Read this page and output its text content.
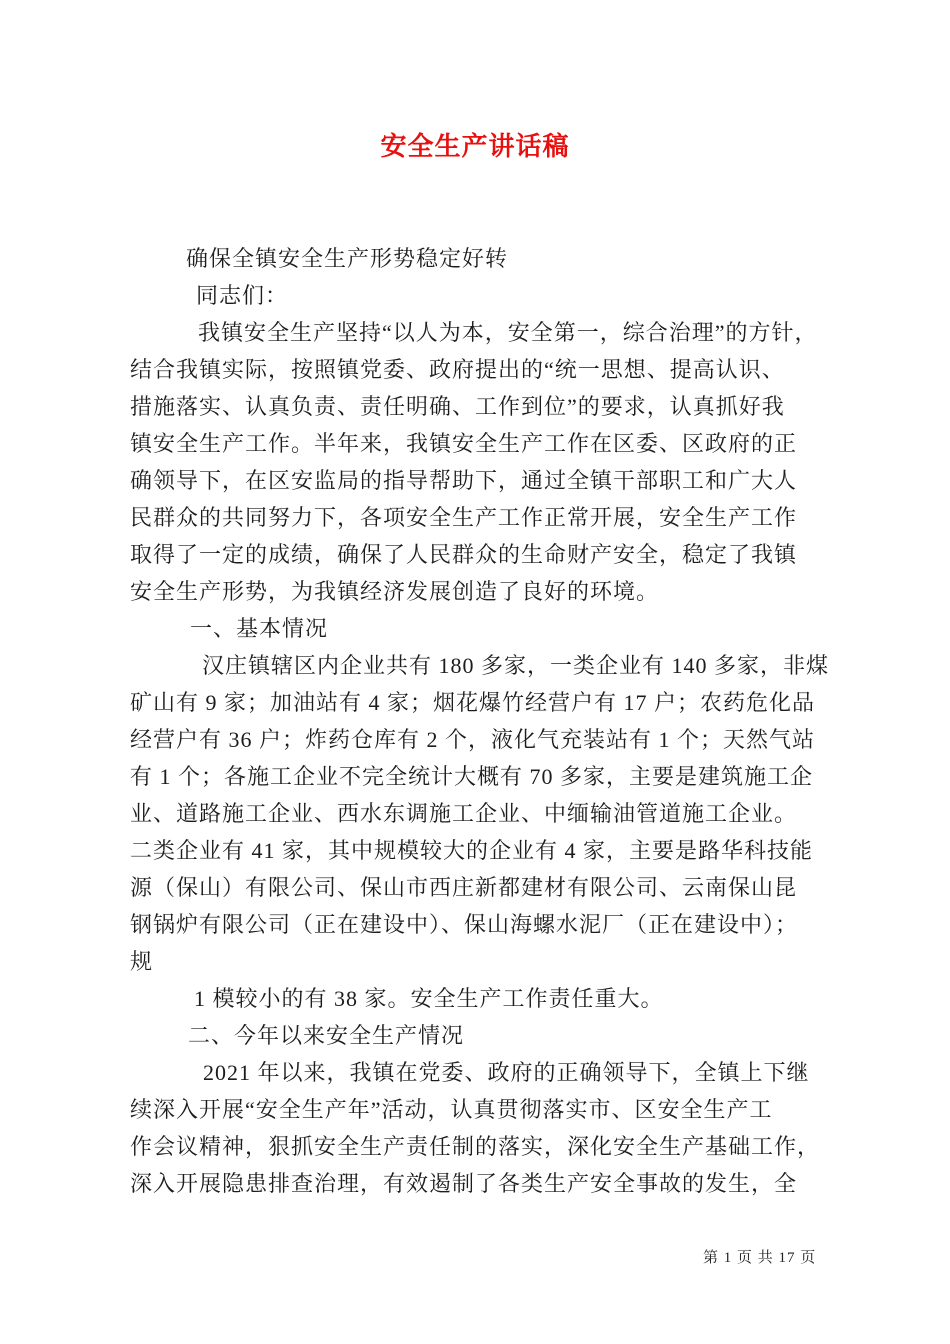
安全生产讲话稿
确保全镇安全生产形势稳定好转
同志们：
我镇安全生产坚持“以人为本，安全第一，综合治理”的方针，
结合我镇实际，按照镇党委、政府提出的“统一思想、提高认识、
措施落实、认真负责、责任明确、工作到位”的要求，认真抓好我
镇安全生产工作。半年来，我镇安全生产工作在区委、区政府的正
确领导下，在区安监局的指导帮助下，通过全镇干部职工和广大人
民群众的共同努力下，各项安全生产工作正常开展，安全生产工作
取得了一定的成绩，确保了人民群众的生命财产安全，稳定了我镇
安全生产形势，为我镇经济发展创造了良好的环境。
一、基本情况
汉庄镇辖区内企业共有 180 多家，一类企业有 140 多家，非煤
矿山有 9 家；加油站有 4 家；烟花爆竹经营户有 17 户；农药危化品
经营户有 36 户；炸药仓库有 2 个，液化气充装站有 1 个；天然气站
有 1 个；各施工企业不完全统计大概有 70 多家，主要是建筑施工企
业、道路施工企业、西水东调施工企业、中缅输油管道施工企业。
二类企业有 41 家，其中规模较大的企业有 4 家，主要是路华科技能
源（保山）有限公司、保山市西庄新都建材有限公司、云南保山昆
钢锅炉有限公司（正在建设中）、保山海螺水泥厂（正在建设中）；
规
1 模较小的有 38 家。安全生产工作责任重大。
二、今年以来安全生产情况
2021 年以来，我镇在党委、政府的正确领导下，全镇上下继
续深入开展“安全生产年”活动，认真贯彻落实市、区安全生产工
作会议精神，狠抓安全生产责任制的落实，深化安全生产基础工作，
深入开展隐患排查治理，有效遏制了各类生产安全事故的发生，全
第 1 页 共 17 页
